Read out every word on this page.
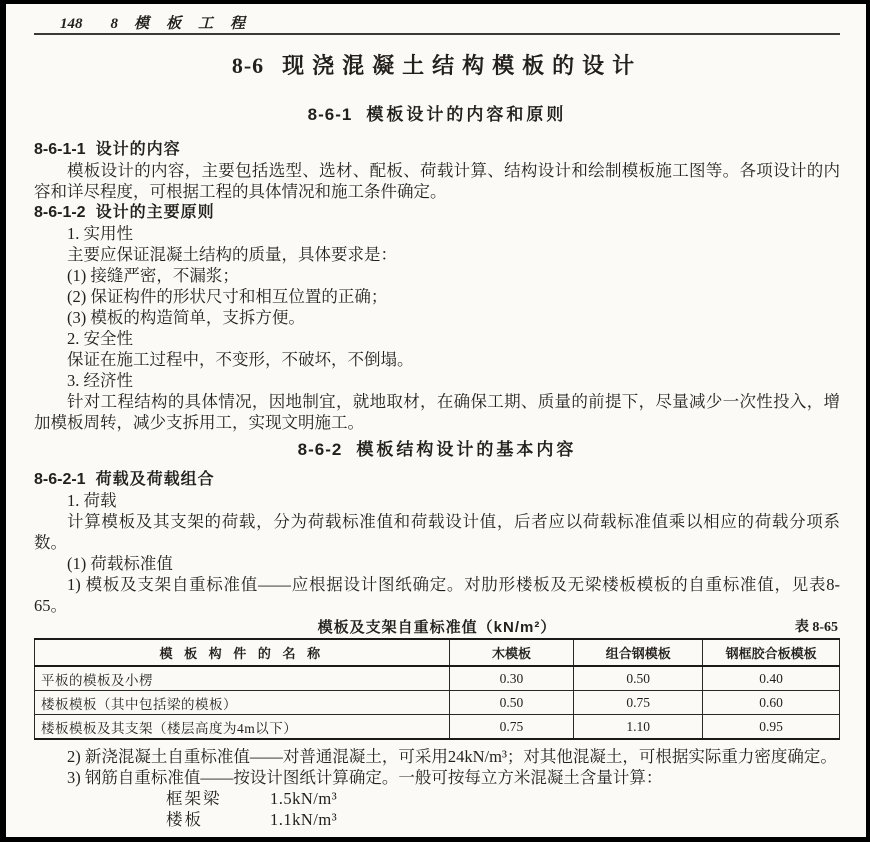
148 8 模板工程
8-6 现浇混凝土结构模板的设计
8-6-1 模板设计的内容和原则
8-6-1-1 设计的内容
模板设计的内容，主要包括选型、选材、配板、荷载计算、结构设计和绘制模板施工图等。各项设计的内容和详尽程度，可根据工程的具体情况和施工条件确定。
8-6-1-2 设计的主要原则
1. 实用性
主要应保证混凝土结构的质量，具体要求是：
(1) 接缝严密，不漏浆；
(2) 保证构件的形状尺寸和相互位置的正确；
(3) 模板的构造简单，支拆方便。
2. 安全性
保证在施工过程中，不变形，不破坏，不倒塌。
3. 经济性
针对工程结构的具体情况，因地制宜，就地取材，在确保工期、质量的前提下，尽量减少一次性投入，增加模板周转，减少支拆用工，实现文明施工。
8-6-2 模板结构设计的基本内容
8-6-2-1 荷载及荷载组合
1. 荷载
计算模板及其支架的荷载，分为荷载标准值和荷载设计值，后者应以荷载标准值乘以相应的荷载分项系数。
(1) 荷载标准值
1) 模板及支架自重标准值——应根据设计图纸确定。对肋形楼板及无梁楼板模板的自重标准值，见表8-65。
模板及支架自重标准值（kN/m²）	表 8-65
模 板 构 件 的 名 称	木模板	组合钢模板	钢框胶合板模板
平板的模板及小楞	0.30	0.50	0.40
楼板模板（其中包括梁的模板）	0.50	0.75	0.60
楼板模板及其支架（楼层高度为4m以下）	0.75	1.10	0.95
2) 新浇混凝土自重标准值——对普通混凝土，可采用24kN/m³；对其他混凝土，可根据实际重力密度确定。
3) 钢筋自重标准值——按设计图纸计算确定。一般可按每立方米混凝土含量计算：
框架梁	1.5kN/m³
楼板	1.1kN/m³
